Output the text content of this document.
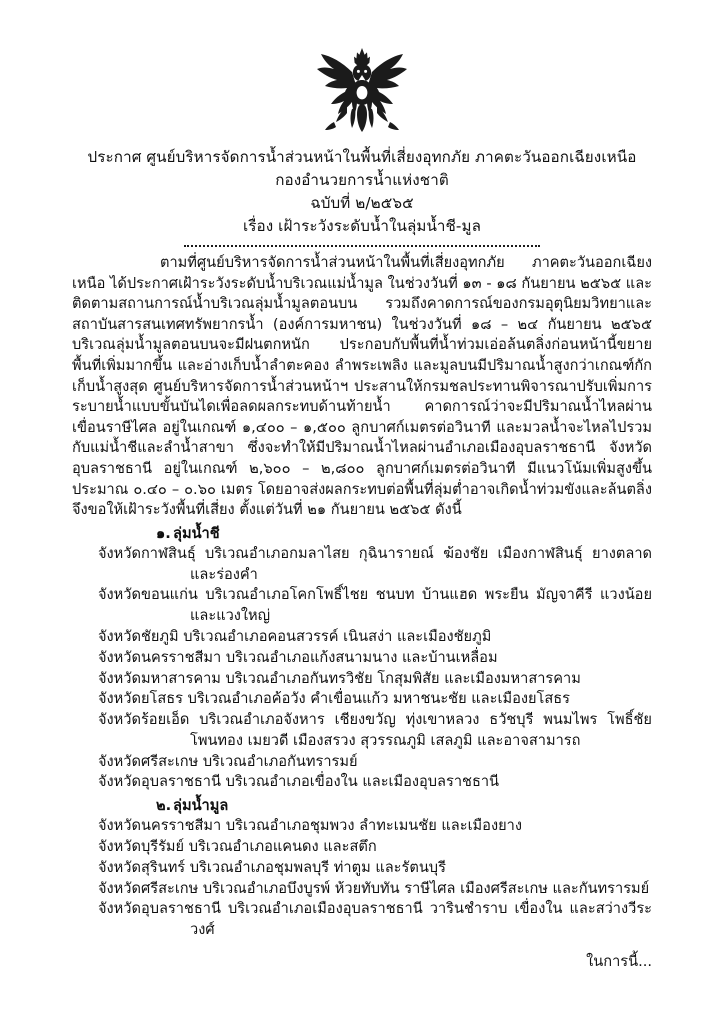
ประกาศ ศูนย์บริหารจัดการน้ำส่วนหน้าในพื้นที่เสี่ยงอุทกภัย ภาคตะวันออกเฉียงเหนือ
กองอำนวยการน้ำแห่งชาติ
ฉบับที่ ๒/๒๕๖๕
เรื่อง เฝ้าระวังระดับน้ำในลุ่มน้ำชี-มูล

ตามที่ศูนย์บริหารจัดการน้ำส่วนหน้าในพื้นที่เสี่ยงอุทกภัย ภาคตะวันออกเฉียงเหนือ ได้ประกาศเฝ้าระวังระดับน้ำบริเวณแม่น้ำมูล ในช่วงวันที่ ๑๓ - ๑๘ กันยายน ๒๕๖๕ และติดตามสถานการณ์น้ำบริเวณลุ่มน้ำมูลตอนบน รวมถึงคาดการณ์ของกรมอุตุนิยมวิทยาและสถาบันสารสนเทศทรัพยากรน้ำ (องค์การมหาชน) ในช่วงวันที่ ๑๘ – ๒๔ กันยายน ๒๕๖๕ บริเวณลุ่มน้ำมูลตอนบนจะมีฝนตกหนัก ประกอบกับพื้นที่น้ำท่วมเอ่อล้นตลิ่งก่อนหน้านี้ขยายพื้นที่เพิ่มมากขึ้น และอ่างเก็บน้ำลำตะคอง ลำพระเพลิง และมูลบนมีปริมาณน้ำสูงกว่าเกณฑ์กักเก็บน้ำสูงสุด ศูนย์บริหารจัดการน้ำส่วนหน้าฯ ประสานให้กรมชลประทานพิจารณาปรับเพิ่มการระบายน้ำแบบขั้นบันไดเพื่อลดผลกระทบด้านท้ายน้ำ คาดการณ์ว่าจะมีปริมาณน้ำไหลผ่านเขื่อนราษีไศล อยู่ในเกณฑ์ ๑,๔๐๐ – ๑,๕๐๐ ลูกบาศก์เมตรต่อวินาที และมวลน้ำจะไหลไปรวมกับแม่น้ำชีและลำน้ำสาขา ซึ่งจะทำให้มีปริมาณน้ำไหลผ่านอำเภอเมืองอุบลราชธานี จังหวัดอุบลราชธานี อยู่ในเกณฑ์ ๒,๖๐๐ – ๒,๘๐๐ ลูกบาศก์เมตรต่อวินาที มีแนวโน้มเพิ่มสูงขึ้นประมาณ ๐.๔๐ – ๐.๖๐ เมตร โดยอาจส่งผลกระทบต่อพื้นที่ลุ่มต่ำอาจเกิดน้ำท่วมขังและล้นตลิ่ง จึงขอให้เฝ้าระวังพื้นที่เสี่ยง ตั้งแต่วันที่ ๒๑ กันยายน ๒๕๖๕ ดังนี้

๑. ลุ่มน้ำชี
จังหวัดกาฬสินธุ์ บริเวณอำเภอกมลาไสย กุฉินารายณ์ ฆ้องชัย เมืองกาฬสินธุ์ ยางตลาด และร่องคำ
จังหวัดขอนแก่น บริเวณอำเภอโคกโพธิ์ไชย ชนบท บ้านแฮด พระยืน มัญจาคีรี แวงน้อย และแวงใหญ่
จังหวัดชัยภูมิ บริเวณอำเภอคอนสวรรค์ เนินสง่า และเมืองชัยภูมิ
จังหวัดนครราชสีมา บริเวณอำเภอแก้งสนามนาง และบ้านเหลื่อม
จังหวัดมหาสารคาม บริเวณอำเภอกันทรวิชัย โกสุมพิสัย และเมืองมหาสารคาม
จังหวัดยโสธร บริเวณอำเภอค้อวัง คำเขื่อนแก้ว มหาชนะชัย และเมืองยโสธร
จังหวัดร้อยเอ็ด บริเวณอำเภอจังหาร เชียงขวัญ ทุ่งเขาหลวง ธวัชบุรี พนมไพร โพธิ์ชัย โพนทอง เมยวดี เมืองสรวง สุวรรณภูมิ เสลภูมิ และอาจสามารถ
จังหวัดศรีสะเกษ บริเวณอำเภอกันทรารมย์
จังหวัดอุบลราชธานี บริเวณอำเภอเขื่องใน และเมืองอุบลราชธานี
๒. ลุ่มน้ำมูล
จังหวัดนครราชสีมา บริเวณอำเภอชุมพวง ลำทะเมนชัย และเมืองยาง
จังหวัดบุรีรัมย์ บริเวณอำเภอแคนดง และสตึก
จังหวัดสุรินทร์ บริเวณอำเภอชุมพลบุรี ท่าตูม และรัตนบุรี
จังหวัดศรีสะเกษ บริเวณอำเภอบึงบูรพ์ ห้วยทับทัน ราษีไศล เมืองศรีสะเกษ และกันทรารมย์
จังหวัดอุบลราชธานี บริเวณอำเภอเมืองอุบลราชธานี วารินชำราบ เขื่องใน และสว่างวีระวงศ์
ในการนี้...
